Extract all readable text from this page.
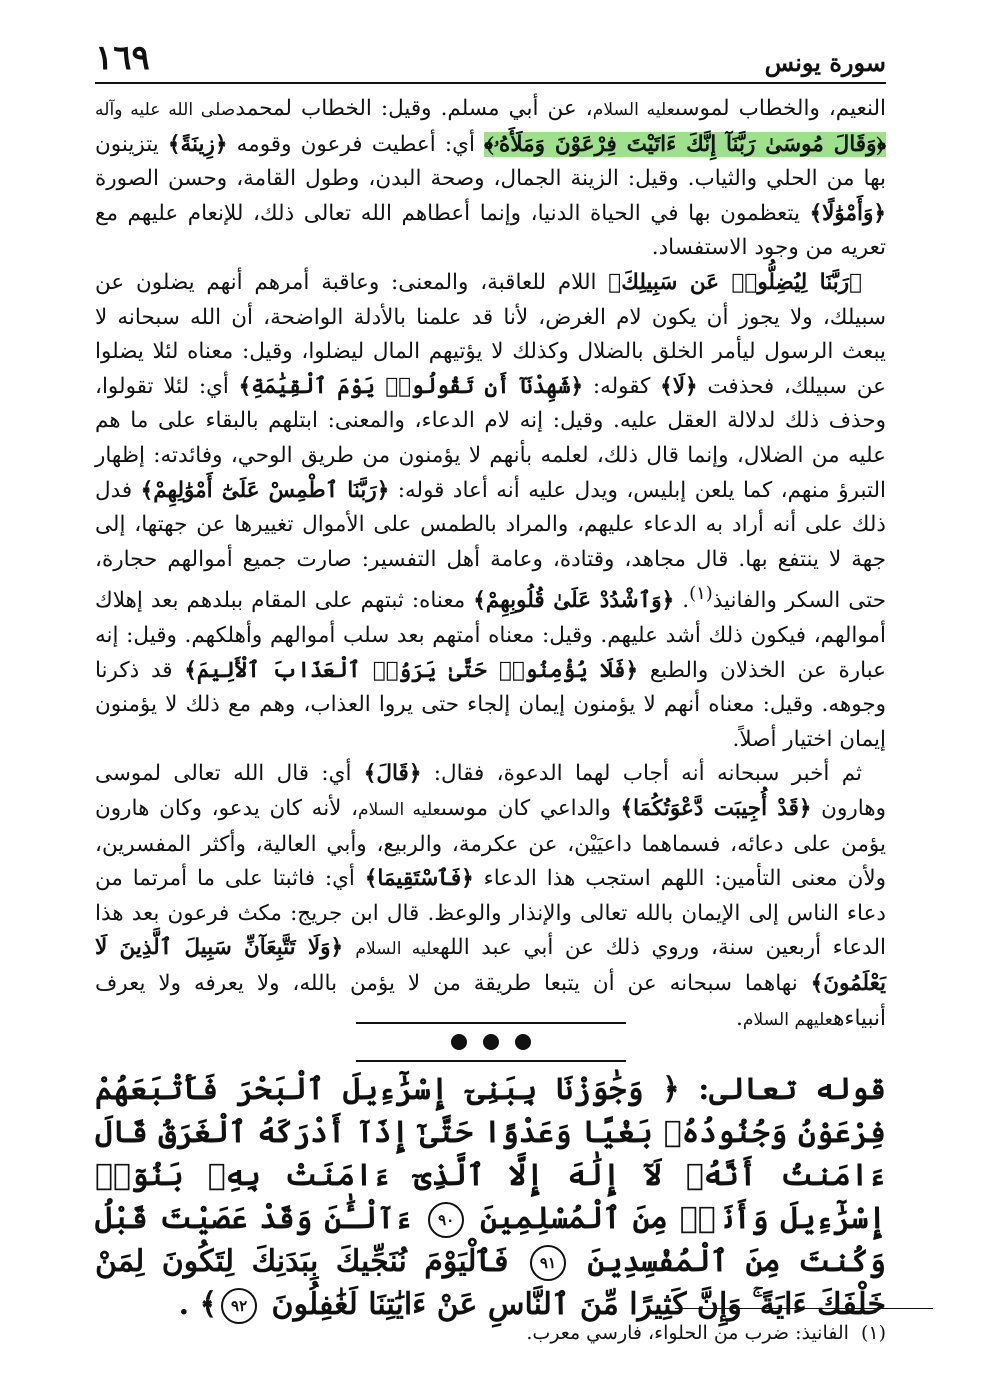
سورة يونس
١٦٩

النعيم، والخطاب لموسىعليه السلام، عن أبي مسلم. وقيل: الخطاب لمحمدصلى الله عليه وآله ﴿وَقَالَ مُوسَىٰ رَبَّنَآ إِنَّكَ ءَاتَيْتَ فِرْعَوْنَ وَمَلَأَهُۥ﴾ أي: أعطيت فرعون وقومه ﴿زِينَةً﴾ يتزينون بها من الحلي والثياب. وقيل: الزينة الجمال، وصحة البدن، وطول القامة، وحسن الصورة ﴿وَأَمْوَٰلًا﴾ يتعظمون بها في الحياة الدنيا، وإنما أعطاهم الله تعالى ذلك، للإنعام عليهم مع تعريه من وجود الاستفساد.

﴿رَبَّنَا لِيُضِلُّوا۟ عَن سَبِيلِكَ﴾ اللام للعاقبة، والمعنى: وعاقبة أمرهم أنهم يضلون عن سبيلك، ولا يجوز أن يكون لام الغرض، لأنا قد علمنا بالأدلة الواضحة، أن الله سبحانه لا يبعث الرسول ليأمر الخلق بالضلال وكذلك لا يؤتيهم المال ليضلوا، وقيل: معناه لئلا يضلوا عن سبيلك، فحذفت ﴿لَا﴾ كقوله: ﴿شَهِدْنَآ أَن تَقُولُوا۟ يَوْمَ ٱلْقِيَٰمَةِ﴾ أي: لئلا تقولوا، وحذف ذلك لدلالة العقل عليه. وقيل: إنه لام الدعاء، والمعنى: ابتلهم بالبقاء على ما هم عليه من الضلال، وإنما قال ذلك، لعلمه بأنهم لا يؤمنون من طريق الوحي، وفائدته: إظهار التبرؤ منهم، كما يلعن إبليس، ويدل عليه أنه أعاد قوله: ﴿رَبَّنَا ٱطْمِسْ عَلَىٰٓ أَمْوَٰلِهِمْ﴾ فدل ذلك على أنه أراد به الدعاء عليهم، والمراد بالطمس على الأموال تغييرها عن جهتها، إلى جهة لا ينتفع بها. قال مجاهد، وقتادة، وعامة أهل التفسير: صارت جميع أموالهم حجارة، حتى السكر والفانيذ$^{(١)}$. ﴿وَٱشْدُدْ عَلَىٰ قُلُوبِهِمْ﴾ معناه: ثبتهم على المقام ببلدهم بعد إهلاك أموالهم، فيكون ذلك أشد عليهم. وقيل: معناه أمتهم بعد سلب أموالهم وأهلكهم. وقيل: إنه عبارة عن الخذلان والطبع ﴿فَلَا يُؤْمِنُوا۟ حَتَّىٰ يَرَوُا۟ ٱلْعَذَابَ ٱلْأَلِيمَ﴾ قد ذكرنا وجوهه. وقيل: معناه أنهم لا يؤمنون إيمان إلجاء حتى يروا العذاب، وهم مع ذلك لا يؤمنون إيمان اختيار أصلاً.

ثم أخبر سبحانه أنه أجاب لهما الدعوة، فقال: ﴿قَالَ﴾ أي: قال الله تعالى لموسى وهارون ﴿قَدْ أُجِيبَت دَّعْوَتُكُمَا﴾ والداعي كان موسىعليه السلام، لأنه كان يدعو، وكان هارون يؤمن على دعائه، فسماهما داعيَيْن، عن عكرمة، والربيع، وأبي العالية، وأكثر المفسرين، ولأن معنى التأمين: اللهم استجب هذا الدعاء ﴿فَٱسْتَقِيمَا﴾ أي: فاثبتا على ما أمرتما من دعاء الناس إلى الإيمان بالله تعالى والإنذار والوعظ. قال ابن جريج: مكث فرعون بعد هذا الدعاء أربعين سنة، وروي ذلك عن أبي عبد اللهعليه السلام ﴿وَلَا تَتَّبِعَآنِّ سَبِيلَ ٱلَّذِينَ لَا يَعْلَمُونَ﴾ نهاهما سبحانه عن أن يتبعا طريقة من لا يؤمن بالله، ولا يعرفه ولا يعرف أنبياءهعليهم السلام.

قوله تعالى: ﴿ وَجَٰوَزْنَا بِبَنِىٓ إِسْرَٰٓءِيلَ ٱلْبَحْرَ فَأَتْبَعَهُمْ فِرْعَوْنُ وَجُنُودُهُۥ بَغْيًا وَعَدْوًا حَتَّىٰٓ إِذَآ أَدْرَكَهُ ٱلْغَرَقُ قَالَ ءَامَنتُ أَنَّهُۥ لَآ إِلَٰهَ إِلَّا ٱلَّذِىٓ ءَامَنَتْ بِهِۦ بَنُوٓا۟ إِسْرَٰٓءِيلَ وَأَنَا۠ مِنَ ٱلْمُسْلِمِينَ ٩٠ ءَآلْـَٰٔنَ وَقَدْ عَصَيْتَ قَبْلُ وَكُنتَ مِنَ ٱلْمُفْسِدِينَ ٩١ فَٱلْيَوْمَ نُنَجِّيكَ بِبَدَنِكَ لِتَكُونَ لِمَنْ خَلْفَكَ ءَايَةً ۚ وَإِنَّ كَثِيرًا مِّنَ ٱلنَّاسِ عَنْ ءَايَٰتِنَا لَغَٰفِلُونَ ٩٢﴾ .
(١)الفانيذ: ضرب من الحلواء، فارسي معرب.
